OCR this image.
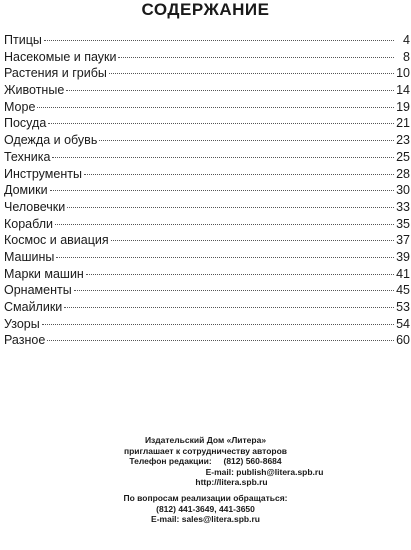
СОДЕРЖАНИЕ
Птицы	4
Насекомые и пауки	8
Растения и грибы	10
Животные	14
Море	19
Посуда	21
Одежда и обувь	23
Техника	25
Инструменты	28
Домики	30
Человечки	33
Корабли	35
Космос и авиация	37
Машины	39
Марки машин	41
Орнаменты	45
Смайлики	53
Узоры	54
Разное	60
Издательский Дом «Литера»
приглашает к сотрудничеству авторов
Телефон редакции: (812) 560-8684
E-mail: publish@litera.spb.ru
http://litera.spb.ru
По вопросам реализации обращаться:
(812) 441-3649, 441-3650
E-mail: sales@litera.spb.ru
